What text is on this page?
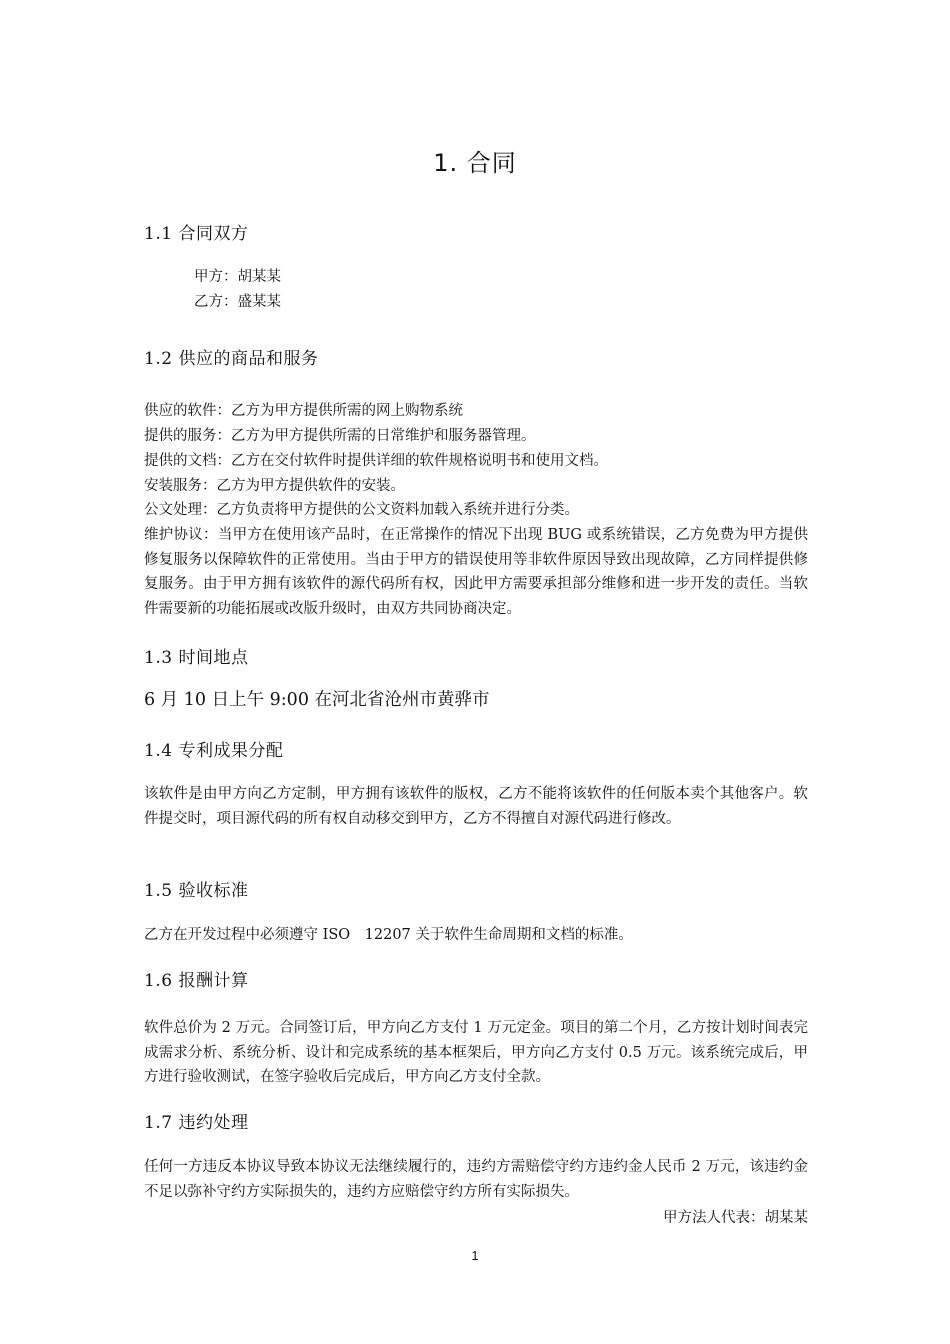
1. 合同
1.1 合同双方
甲方：胡某某
乙方：盛某某
1.2 供应的商品和服务
供应的软件：乙方为甲方提供所需的网上购物系统
提供的服务：乙方为甲方提供所需的日常维护和服务器管理。
提供的文档：乙方在交付软件时提供详细的软件规格说明书和使用文档。
安装服务：乙方为甲方提供软件的安装。
公文处理：乙方负责将甲方提供的公文资料加载入系统并进行分类。
维护协议：当甲方在使用该产品时，在正常操作的情况下出现 BUG 或系统错误，乙方免费为甲方提供修复服务以保障软件的正常使用。当由于甲方的错误使用等非软件原因导致出现故障，乙方同样提供修复服务。由于甲方拥有该软件的源代码所有权，因此甲方需要承担部分维修和进一步开发的责任。当软件需要新的功能拓展或改版升级时，由双方共同协商决定。
1.3 时间地点
6 月 10 日上午 9:00 在河北省沧州市黄骅市
1.4 专利成果分配
该软件是由甲方向乙方定制，甲方拥有该软件的版权，乙方不能将该软件的任何版本卖个其他客户。软件提交时，项目源代码的所有权自动移交到甲方，乙方不得擅自对源代码进行修改。
1.5 验收标准
乙方在开发过程中必须遵守 ISO　12207 关于软件生命周期和文档的标准。
1.6 报酬计算
软件总价为 2 万元。合同签订后，甲方向乙方支付 1 万元定金。项目的第二个月，乙方按计划时间表完成需求分析、系统分析、设计和完成系统的基本框架后，甲方向乙方支付 0.5 万元。该系统完成后，甲方进行验收测试，在签字验收后完成后，甲方向乙方支付全款。
1.7 违约处理
任何一方违反本协议导致本协议无法继续履行的，违约方需赔偿守约方违约金人民币 2 万元，该违约金不足以弥补守约方实际损失的，违约方应赔偿守约方所有实际损失。
甲方法人代表：胡某某
1
